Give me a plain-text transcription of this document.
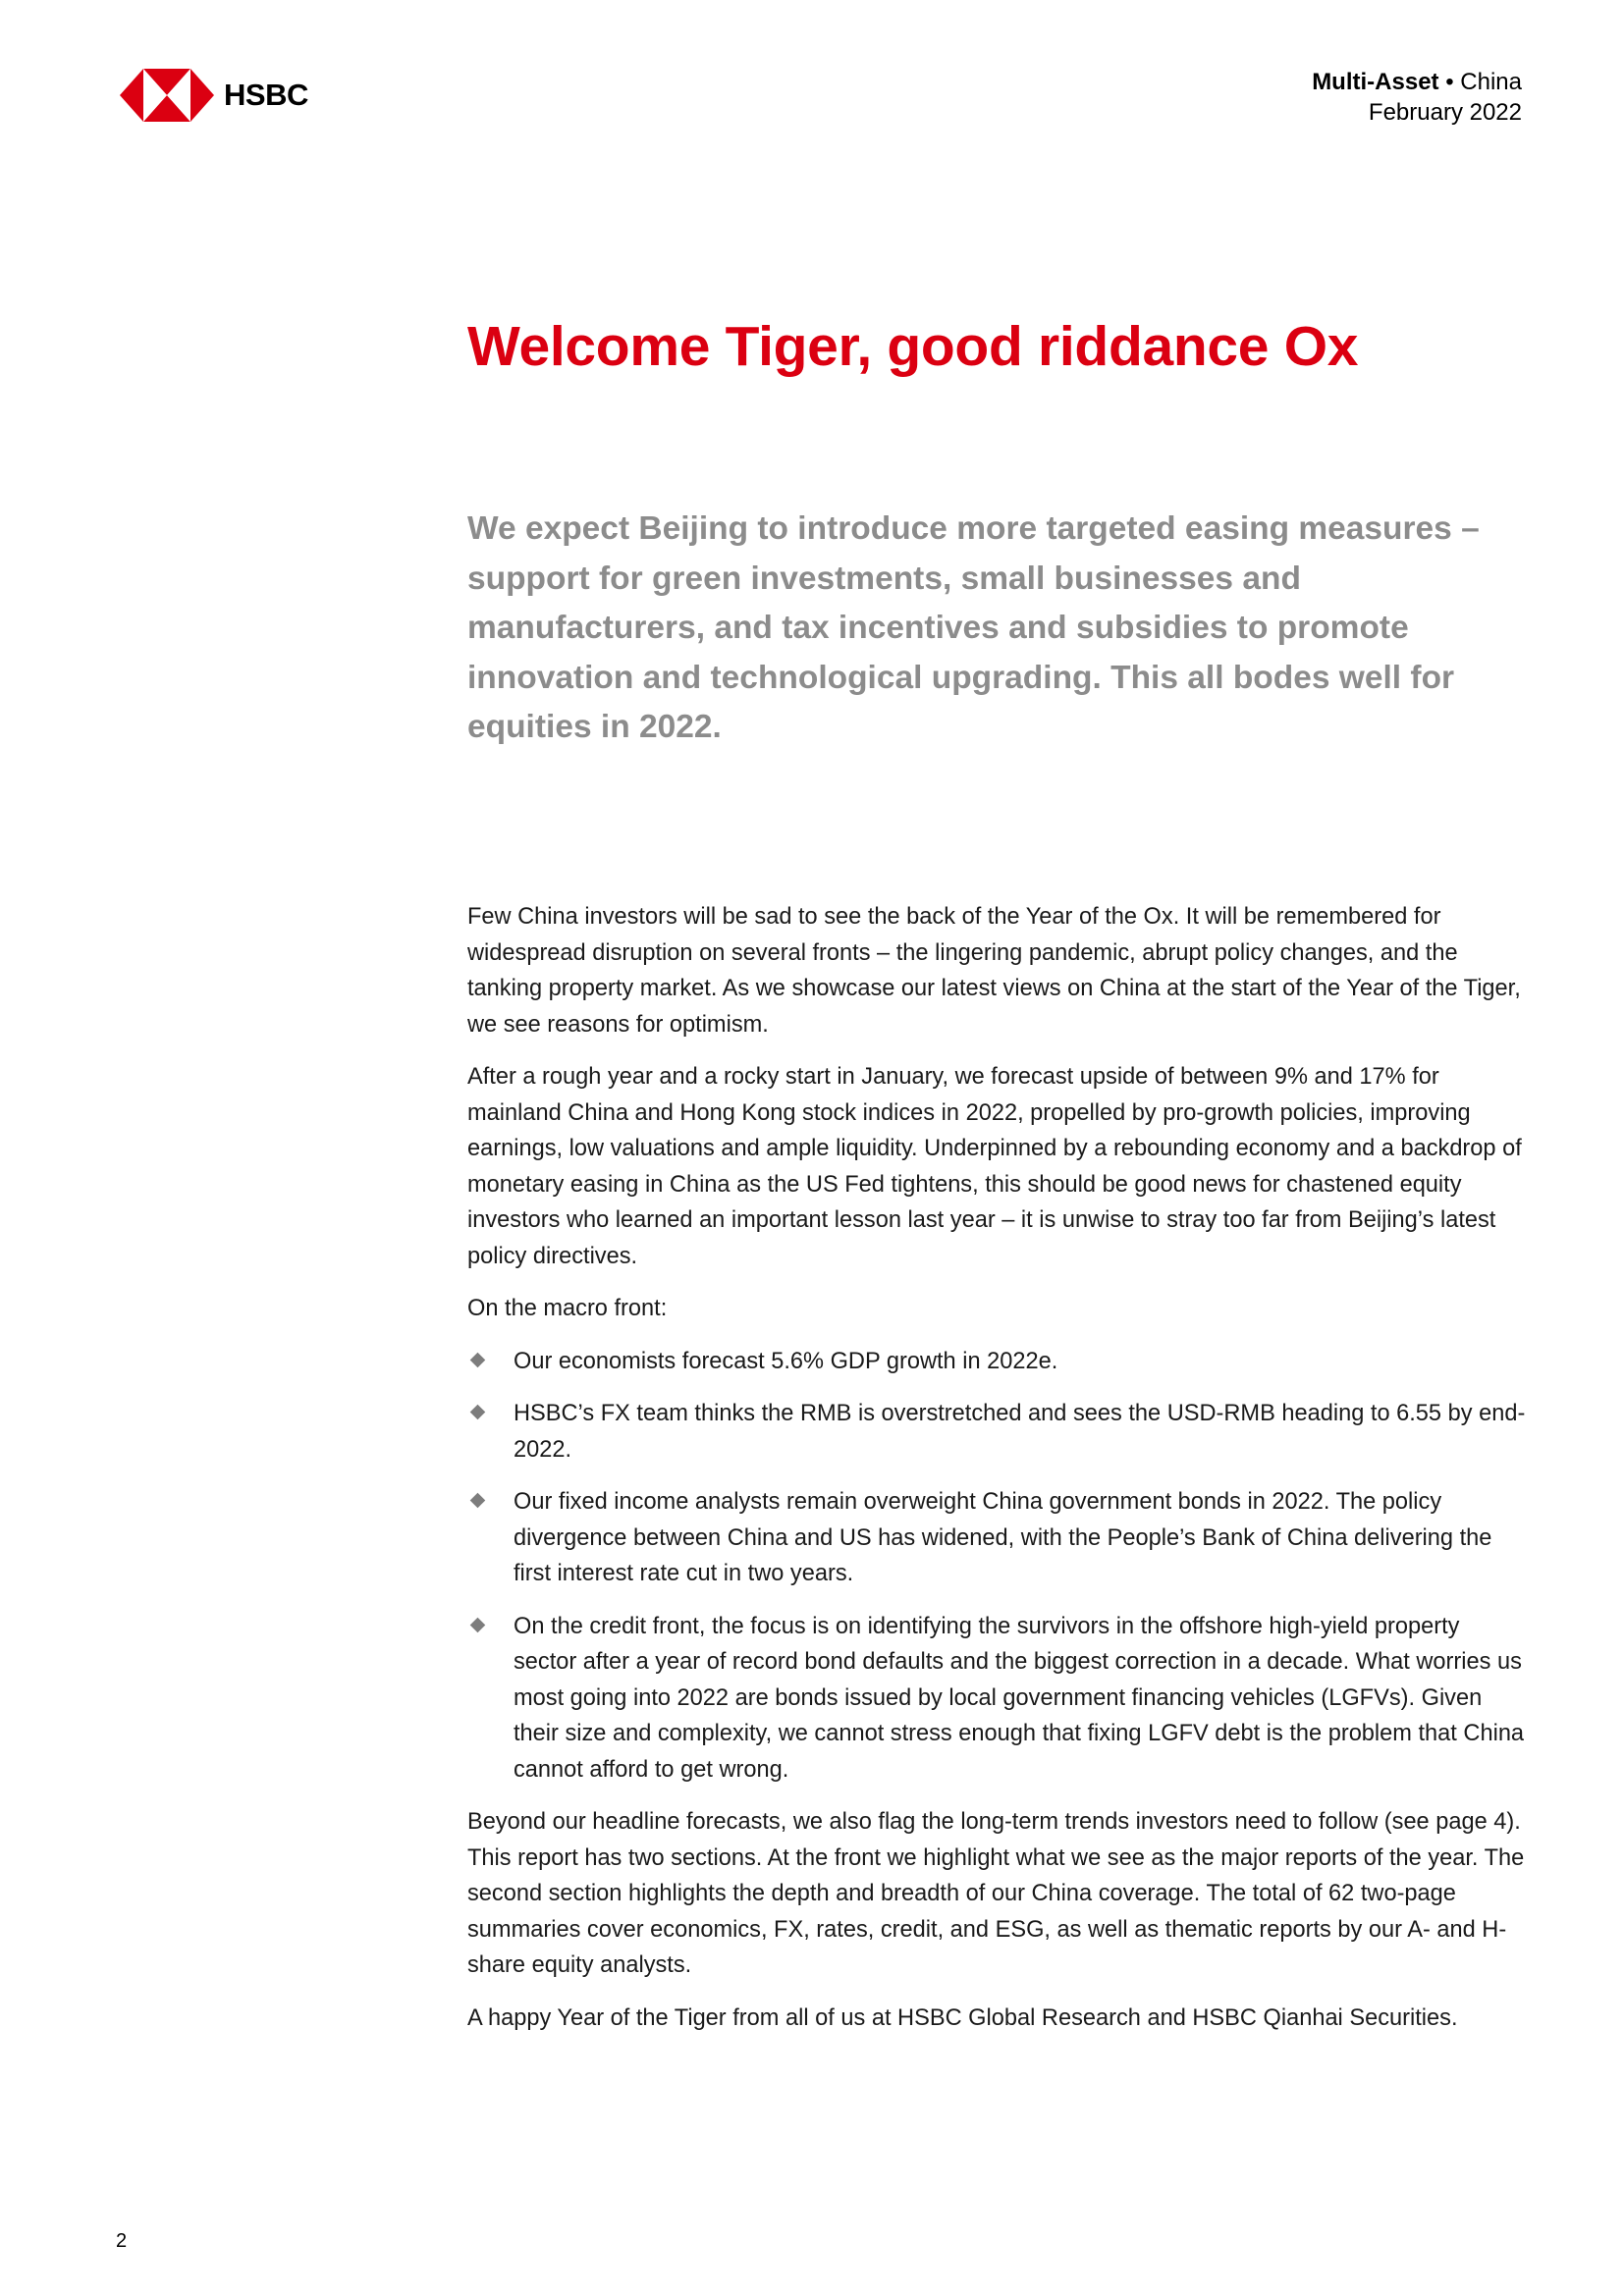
HSBC	Multi-Asset • China
February 2022
Welcome Tiger, good riddance Ox

We expect Beijing to introduce more targeted easing measures – support for green investments, small businesses and manufacturers, and tax incentives and subsidies to promote innovation and technological upgrading. This all bodes well for equities in 2022.

Few China investors will be sad to see the back of the Year of the Ox. It will be remembered for widespread disruption on several fronts – the lingering pandemic, abrupt policy changes, and the tanking property market. As we showcase our latest views on China at the start of the Year of the Tiger, we see reasons for optimism.

After a rough year and a rocky start in January, we forecast upside of between 9% and 17% for mainland China and Hong Kong stock indices in 2022, propelled by pro-growth policies, improving earnings, low valuations and ample liquidity. Underpinned by a rebounding economy and a backdrop of monetary easing in China as the US Fed tightens, this should be good news for chastened equity investors who learned an important lesson last year – it is unwise to stray too far from Beijing’s latest policy directives.

On the macro front:

Our economists forecast 5.6% GDP growth in 2022e.
HSBC’s FX team thinks the RMB is overstretched and sees the USD-RMB heading to 6.55 by end-2022.
Our fixed income analysts remain overweight China government bonds in 2022. The policy divergence between China and US has widened, with the People’s Bank of China delivering the first interest rate cut in two years.
On the credit front, the focus is on identifying the survivors in the offshore high-yield property sector after a year of record bond defaults and the biggest correction in a decade. What worries us most going into 2022 are bonds issued by local government financing vehicles (LGFVs). Given their size and complexity, we cannot stress enough that fixing LGFV debt is the problem that China cannot afford to get wrong.

Beyond our headline forecasts, we also flag the long-term trends investors need to follow (see page 4). This report has two sections. At the front we highlight what we see as the major reports of the year. The second section highlights the depth and breadth of our China coverage. The total of 62 two-page summaries cover economics, FX, rates, credit, and ESG, as well as thematic reports by our A- and H-share equity analysts.

A happy Year of the Tiger from all of us at HSBC Global Research and HSBC Qianhai Securities.

2
